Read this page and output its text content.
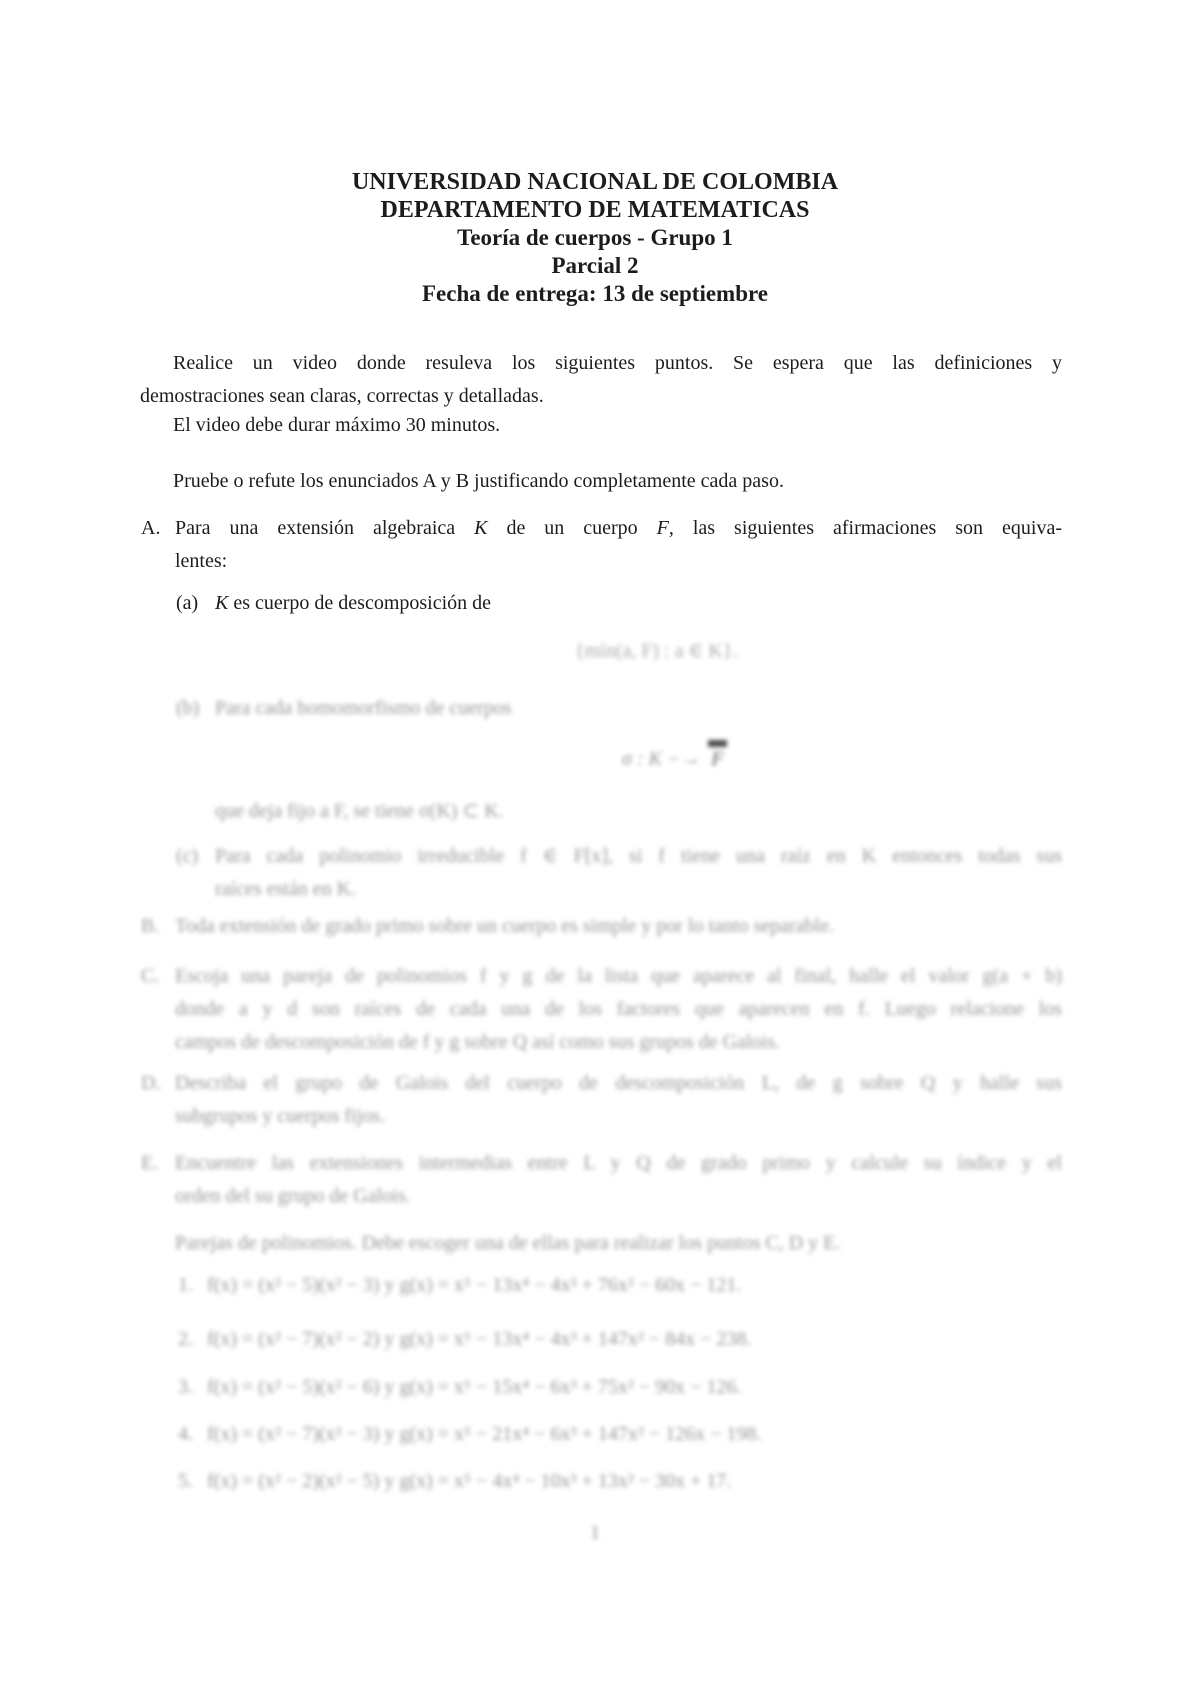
UNIVERSIDAD NACIONAL DE COLOMBIA
DEPARTAMENTO DE MATEMATICAS
Teoría de cuerpos - Grupo 1
Parcial 2
Fecha de entrega: 13 de septiembre
Realice un video donde resuleva los siguientes puntos. Se espera que las definiciones y
demostraciones sean claras, correctas y detalladas.
El video debe durar máximo 30 minutos.
Pruebe o refute los enunciados A y B justificando completamente cada paso.
A. Para una extensión algebraica K de un cuerpo F, las siguientes afirmaciones son equiva-
lentes:
(a) K es cuerpo de descomposición de
{mín(a, F) : a ∈ K}.
(b) Para cada homomorfismo de cuerpos
σ : K −→ F
que deja fijo a F, se tiene σ(K) ⊂ K.
(c) Para cada polinomio irreducible f ∈ F[x], si f tiene una raíz en K entonces todas sus
raíces están en K.
B. Toda extensión de grado primo sobre un cuerpo es simple y por lo tanto separable.
C. Escoja una pareja de polinomios f y g de la lista que aparece al final, halle el valor g(a + b)
donde a y d son raíces de cada una de los factores que aparecen en f. Luego relacione los
campos de descomposición de f y g sobre Q así como sus grupos de Galois.
D. Describa el grupo de Galois del cuerpo de descomposición L, de g sobre Q y halle sus
subgrupos y cuerpos fijos.
E. Encuentre las extensiones intermedias entre L y Q de grado primo y calcule su índice y el
orden del su grupo de Galois.
Parejas de polinomios. Debe escoger una de ellas para realizar los puntos C, D y E.
1. f(x) = (x² − 5)(x² − 3) y g(x) = x⁵ − 13x⁴ − 4x³ + 76x² − 60x − 121.
2. f(x) = (x² − 7)(x² − 2) y g(x) = x⁵ − 13x⁴ − 4x³ + 147x² − 84x − 238.
3. f(x) = (x² − 5)(x² − 6) y g(x) = x⁵ − 15x⁴ − 6x³ + 75x² − 90x − 126.
4. f(x) = (x² − 7)(x² − 3) y g(x) = x⁵ − 21x⁴ − 6x³ + 147x² − 126x − 198.
5. f(x) = (x² − 2)(x² − 5) y g(x) = x⁵ − 4x⁴ − 10x³ + 13x² − 30x + 17.
1
